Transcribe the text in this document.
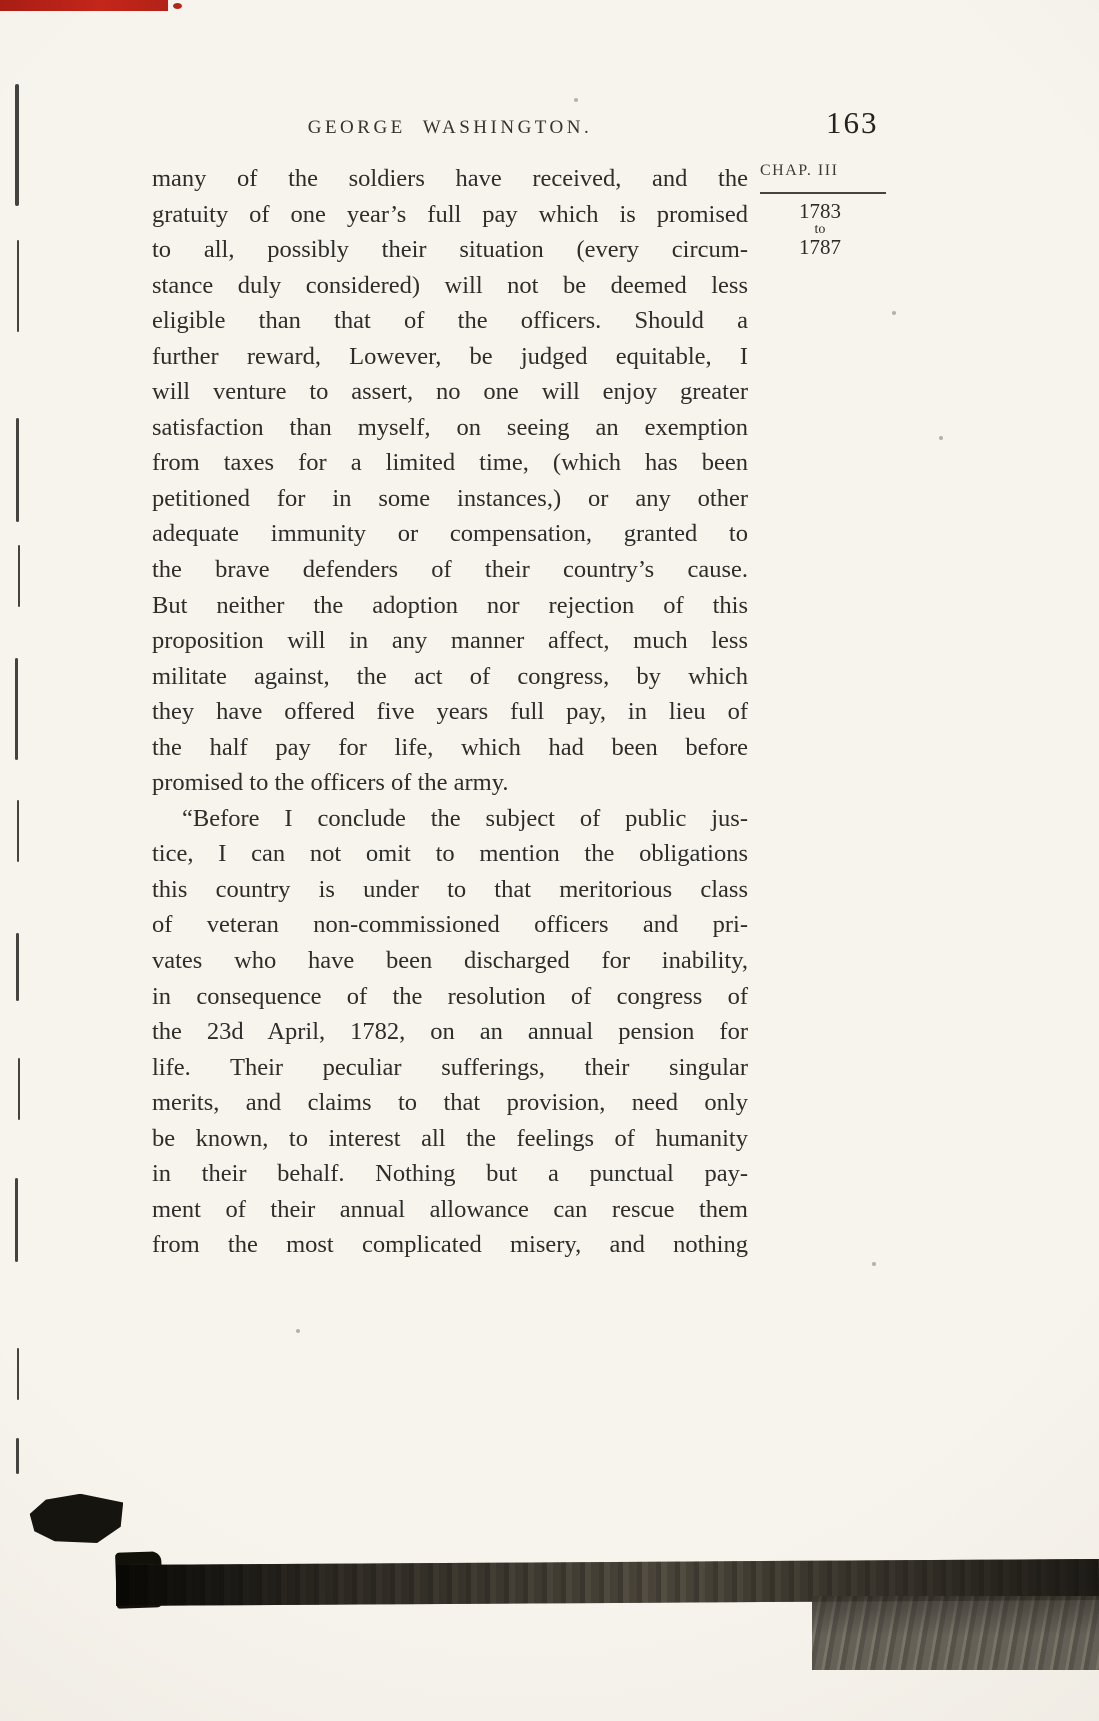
GEORGE WASHINGTON.	163
many of the soldiers have received, and the
gratuity of one year’s full pay which is promised
to all, possibly their situation (every circum-
stance duly considered) will not be deemed less
eligible than that of the officers. Should a
further reward, Lowever, be judged equitable, I
will venture to assert, no one will enjoy greater
satisfaction than myself, on seeing an exemption
from taxes for a limited time, (which has been
petitioned for in some instances,) or any other
adequate immunity or compensation, granted to
the brave defenders of their country’s cause.
But neither the adoption nor rejection of this
proposition will in any manner affect, much less
militate against, the act of congress, by which
they have offered five years full pay, in lieu of
the half pay for life, which had been before
promised to the officers of the army.
“Before I conclude the subject of public jus-
tice, I can not omit to mention the obligations
this country is under to that meritorious class
of veteran non-commissioned officers and pri-
vates who have been discharged for inability,
in consequence of the resolution of congress of
the 23d April, 1782, on an annual pension for
life. Their peculiar sufferings, their singular
merits, and claims to that provision, need only
be known, to interest all the feelings of humanity
in their behalf. Nothing but a punctual pay-
ment of their annual allowance can rescue them
from the most complicated misery, and nothing
CHAP. III
1783
to
1787
